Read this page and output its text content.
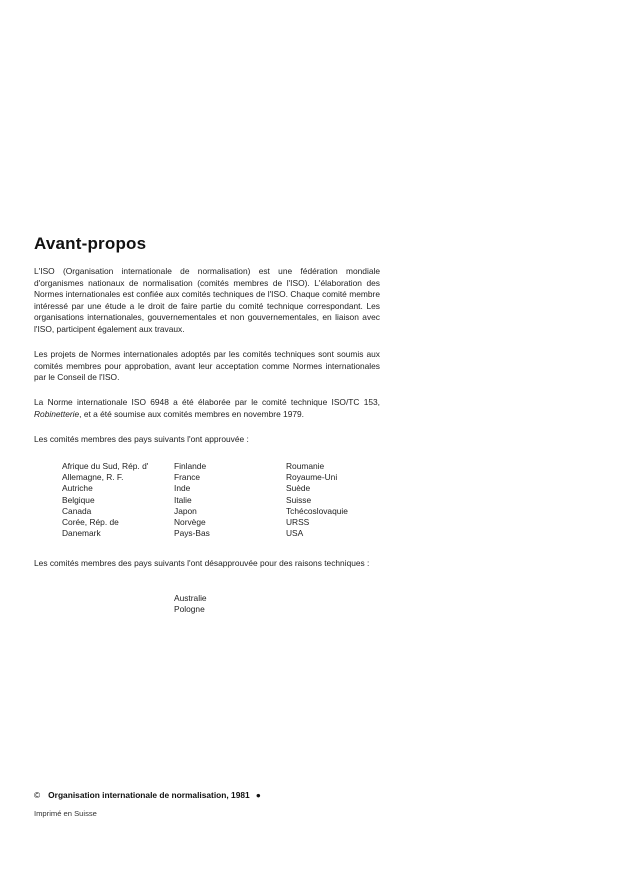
Avant-propos

L'ISO (Organisation internationale de normalisation) est une fédération mondiale d'organismes nationaux de normalisation (comités membres de l'ISO). L'élaboration des Normes internationales est confiée aux comités techniques de l'ISO. Chaque comité membre intéressé par une étude a le droit de faire partie du comité technique correspondant. Les organisations internationales, gouvernementales et non gouvernementales, en liaison avec l'ISO, participent également aux travaux.

Les projets de Normes internationales adoptés par les comités techniques sont soumis aux comités membres pour approbation, avant leur acceptation comme Normes internationales par le Conseil de l'ISO.

La Norme internationale ISO 6948 a été élaborée par le comité technique ISO/TC 153, Robinetterie, et a été soumise aux comités membres en novembre 1979.

Les comités membres des pays suivants l'ont approuvée :

Afrique du Sud, Rép. d'
Allemagne, R. F.
Autriche
Belgique
Canada
Corée, Rép. de
Danemark
Finlande
France
Inde
Italie
Japon
Norvège
Pays-Bas
Roumanie
Royaume-Uni
Suède
Suisse
Tchécoslovaquie
URSS
USA

Les comités membres des pays suivants l'ont désapprouvée pour des raisons techniques :

Australie
Pologne
© Organisation internationale de normalisation, 1981 ●
Imprimé en Suisse
